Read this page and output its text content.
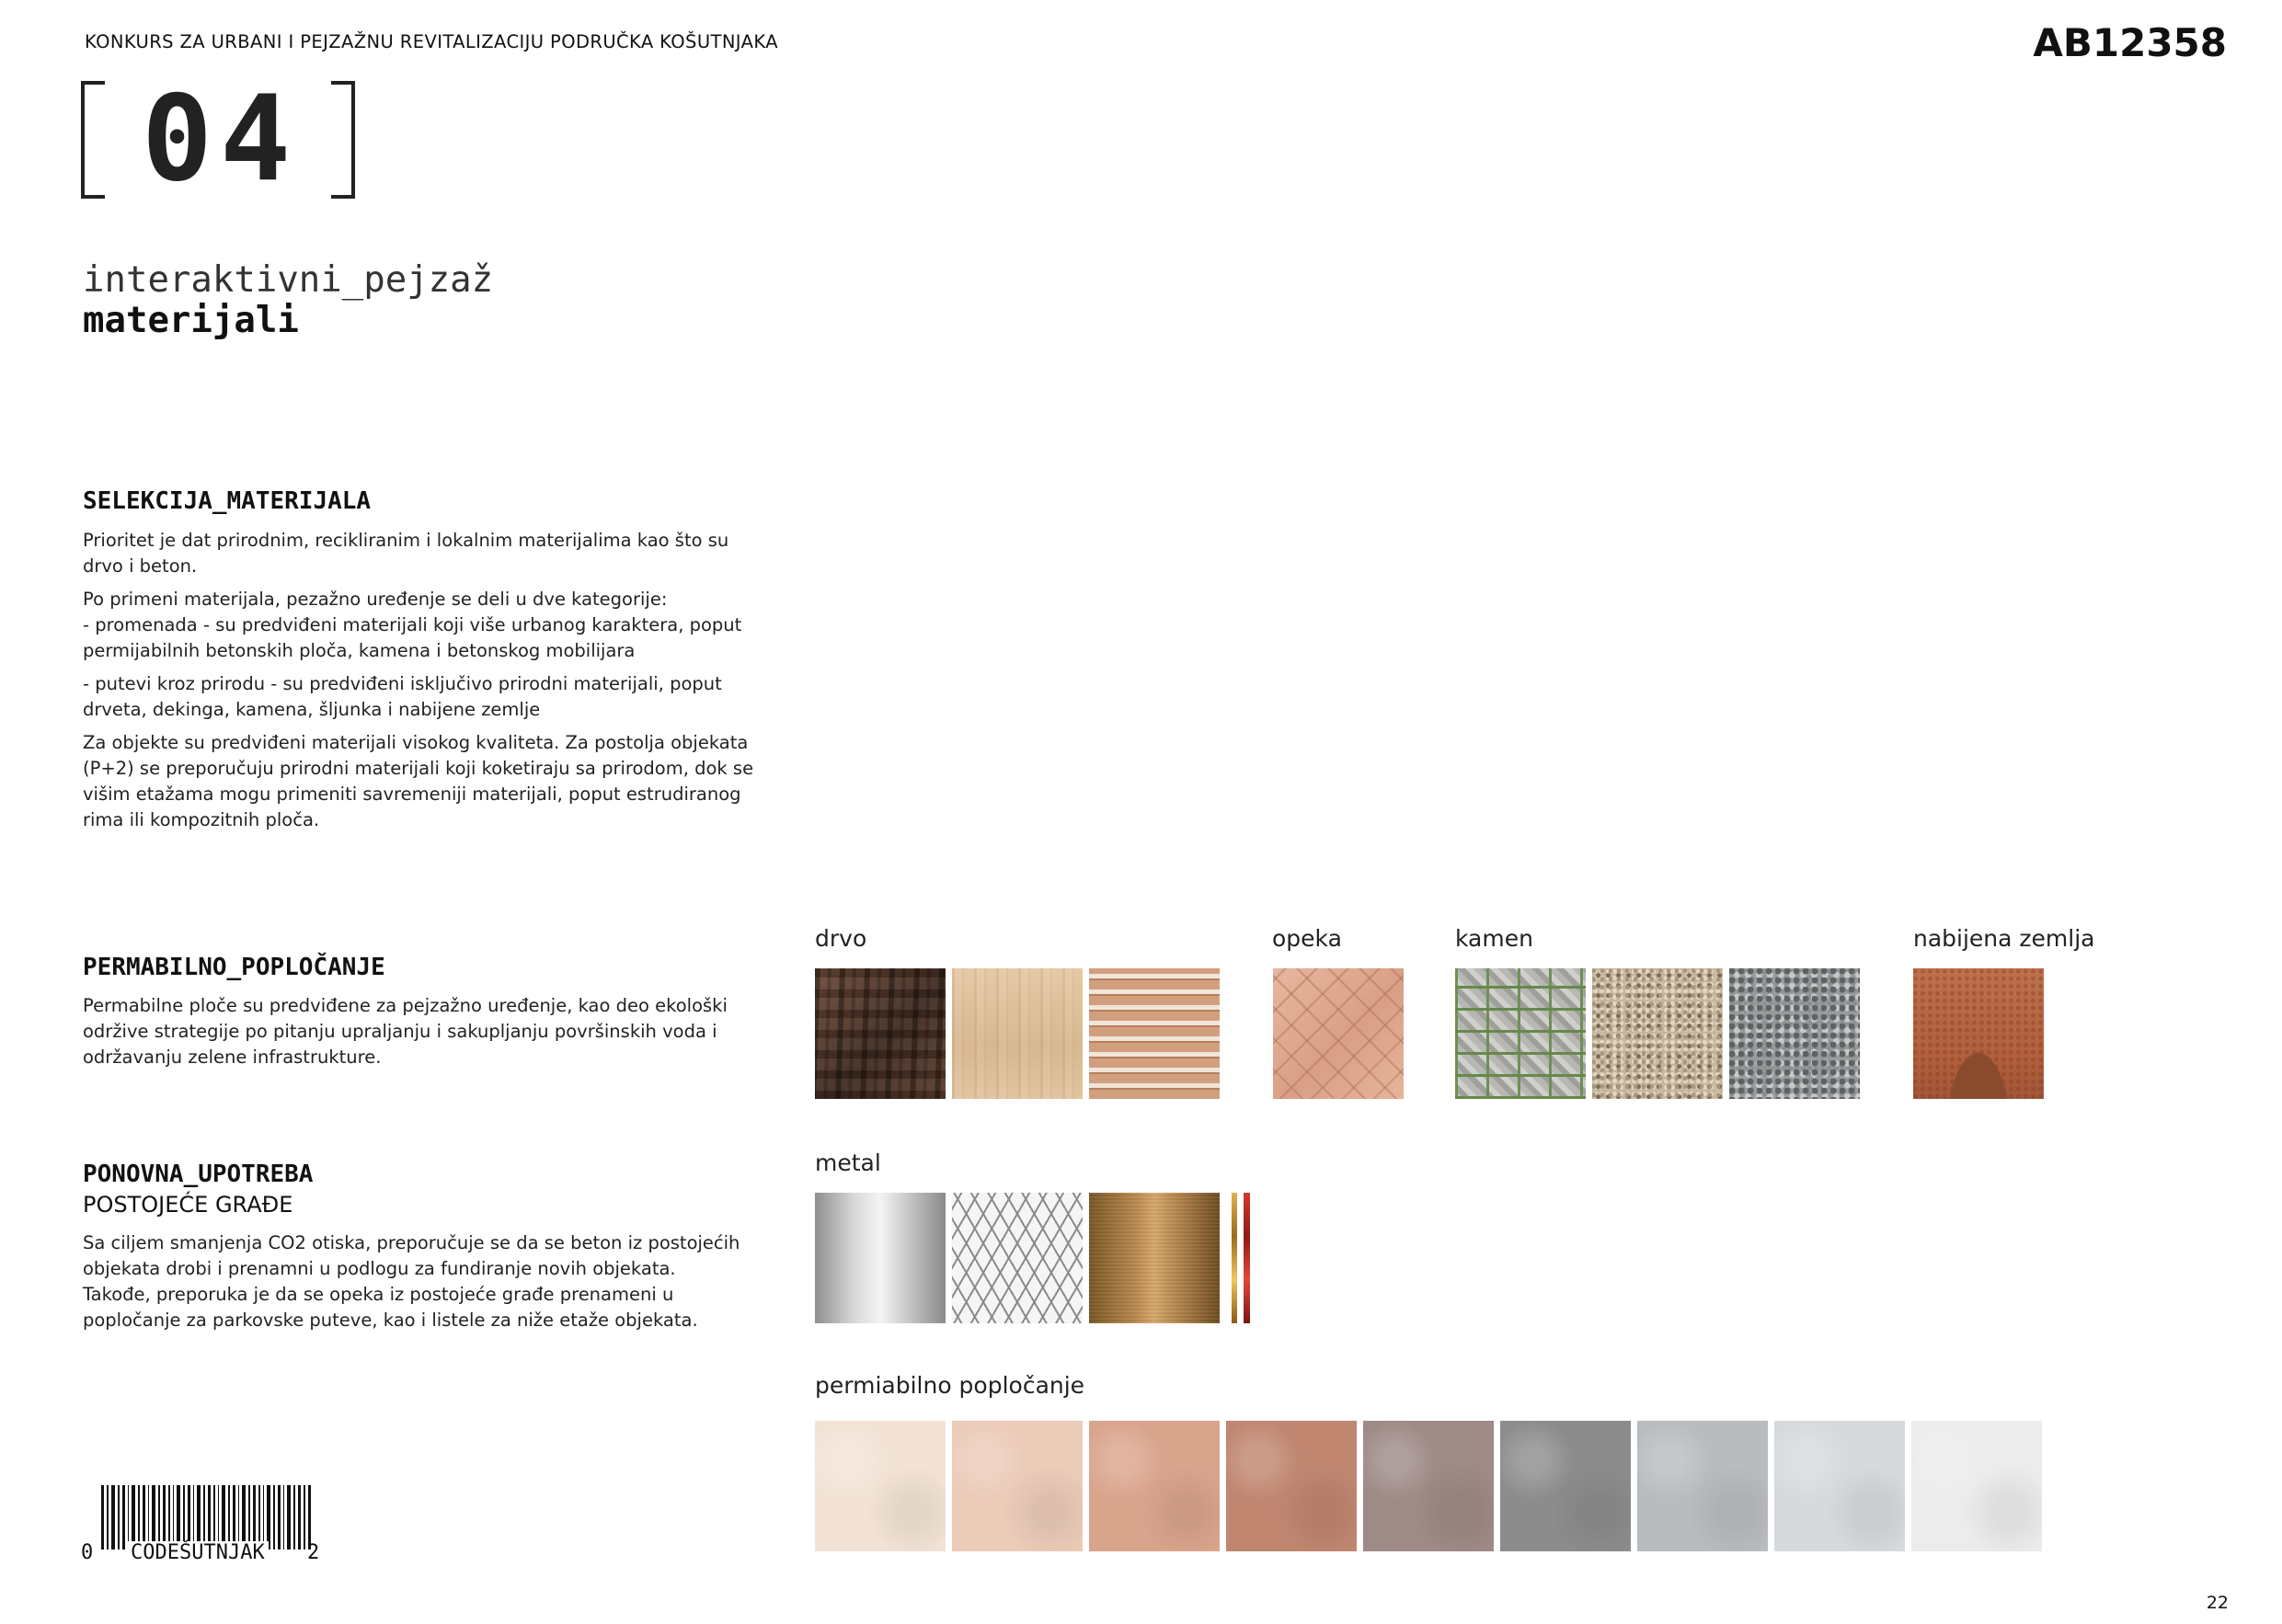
KONKURS ZA URBANI I PEJZAŽNU REVITALIZACIJU PODRUČKA KOŠUTNJAKA	AB12358
04
interaktivni_pejzaž
materijali
SELEKCIJA_MATERIJALA

Prioritet je dat prirodnim, recikliranim i lokalnim materijalima kao što su drvo i beton.

Po primeni materijala, pezažno uređenje se deli u dve kategorije:
- promenada - su predviđeni materijali koji više urbanog karaktera, poput permijabilnih betonskih ploča, kamena i betonskog mobilijara

- putevi kroz prirodu - su predviđeni isključivo prirodni materijali, poput drveta, dekinga, kamena, šljunka i nabijene zemlje

Za objekte su predviđeni materijali visokog kvaliteta. Za postolja objekata (P+2) se preporučuju prirodni materijali koji koketiraju sa prirodom, dok se višim etažama mogu primeniti savremeniji materijali, poput estrudiranog rima ili kompozitnih ploča.

PERMABILNO_POPLOČANJE

Permabilne ploče su predviđene za pejzažno uređenje, kao deo ekološki održive strategije po pitanju upraljanju i sakupljanju površinskih voda i održavanju zelene infrastrukture.

PONOVNA_UPOTREBA
POSTOJEĆE GRAĐE

Sa ciljem smanjenja CO2 otiska, preporučuje se da se beton iz postojećih objekata drobi i prenamni u podlogu za fundiranje novih objekata.
Takođe, preporuka je da se opeka iz postojeće građe prenameni u popločanje za parkovske puteve, kao i listele za niže etaže objekata.

drvo	opeka	kamen	nabijena zemlja
metal
permiabilno popločanje
0 CODEŠUTNJAK 2
22
